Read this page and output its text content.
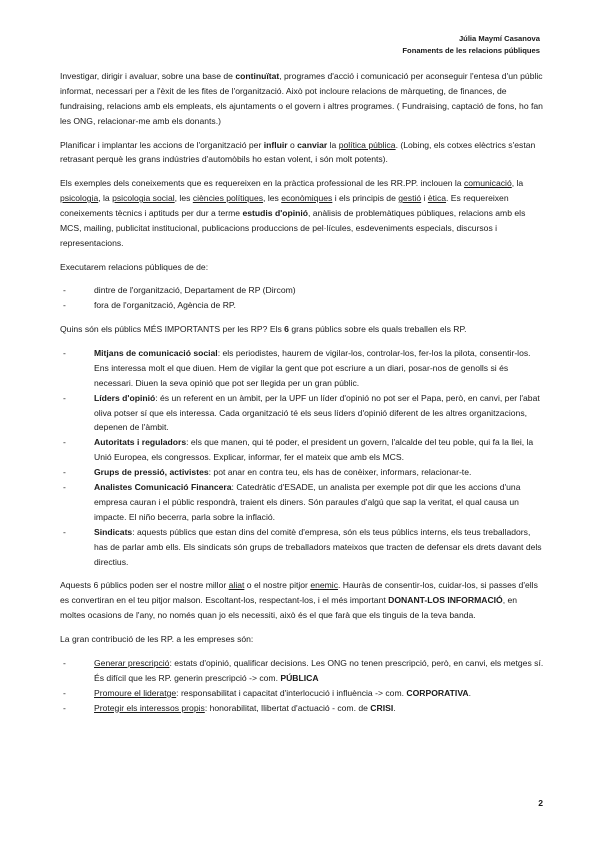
Júlia Maymí Casanova
Fonaments de les relacions públiques

Investigar, dirigir i avaluar, sobre una base de continuïtat, programes d'acció i comunicació per aconseguir l'entesa d'un públic informat, necessari per a l'èxit de les fites de l'organització. Això pot incloure relacions de màrqueting, de finances, de fundraising, relacions amb els empleats, els ajuntaments o el govern i altres programes. ( Fundraising, captació de fons, ho fan les ONG, relacionar-me amb els donants.)

Planificar i implantar les accions de l'organització per influir o canviar la política pública. (Lobing, els cotxes elèctrics s'estan retrasant perquè les grans indústries d'automòbils ho estan volent, i són molt potents).

Els exemples dels coneixements que es requereixen en la pràctica professional de les RR.PP. inclouen la comunicació, la psicologia, la psicologia social, les ciències polítiques, les econòmiques i els principis de gestió i ètica. Es requereixen coneixements tècnics i aptituds per dur a terme estudis d'opinió, anàlisis de problemàtiques públiques, relacions amb els MCS, mailing, publicitat institucional, publicacions produccions de pel·lícules, esdeveniments especials, discursos i representacions.

Executarem relacions públiques de de:

-	dintre de l'organització, Departament de RP (Dircom)
-	fora de l'organització, Agència de RP.

Quins són els públics MÉS IMPORTANTS per les RP? Els 6 grans públics sobre els quals treballen els RP.

-	Mitjans de comunicació social: els periodistes, haurem de vigilar-los, controlar-los, fer-los la pilota, consentir-los. Ens interessa molt el que diuen. Hem de vigilar la gent que pot escriure a un diari, posar-nos de genolls si és necessari. Diuen la seva opinió que pot ser llegida per un gran públic.
-	Líders d'opinió: és un referent en un àmbit, per la UPF un líder d'opinió no pot ser el Papa, però, en canvi, per l'abat oliva potser sí que els interessa. Cada organització té els seus líders d'opinió diferent de les altres organitzacions, depenen de l'àmbit.
-	Autoritats i reguladors: els que manen, qui té poder, el president un govern, l'alcalde del teu poble, qui fa la llei, la Unió Europea, els congressos. Explicar, informar, fer el mateix que amb els MCS.
-	Grups de pressió, activistes: pot anar en contra teu, els has de conèixer, informars, relacionar-te.
-	Analistes Comunicació Financera: Catedràtic d'ESADE, un analista per exemple pot dir que les accions d'una empresa cauran i el públic respondrà, traient els diners. Són paraules d'algú que sap la veritat, el qual causa un impacte. El niño becerra, parla sobre la inflació.
-	Sindicats: aquests públics que estan dins del comitè d'empresa, són els teus públics interns, els teus treballadors, has de parlar amb ells. Els sindicats són grups de treballadors mateixos que tracten de defensar els drets davant dels directius.

Aquests 6 públics poden ser el nostre millor aliat o el nostre pitjor enemic. Hauràs de consentir-los, cuidar-los, si passes d'ells es convertiran en el teu pitjor malson. Escoltant-los, respectant-los, i el més important DONANT-LOS INFORMACIÓ, en moltes ocasions de l'any, no només quan jo els necessiti, això és el que farà que els tinguis de la teva banda.

La gran contribució de les RP. a les empreses són:

-	Generar prescripció: estats d'opinió, qualificar decisions. Les ONG no tenen prescripció, però, en canvi, els metges sí. És difícil que les RP. generin prescripció -> com. PÚBLICA
-	Promoure el lideratge: responsabilitat i capacitat d'interlocució i influència -> com. CORPORATIVA.
-	Protegir els interessos propis: honorabilitat, llibertat d'actuació - com. de CRISI.
2
